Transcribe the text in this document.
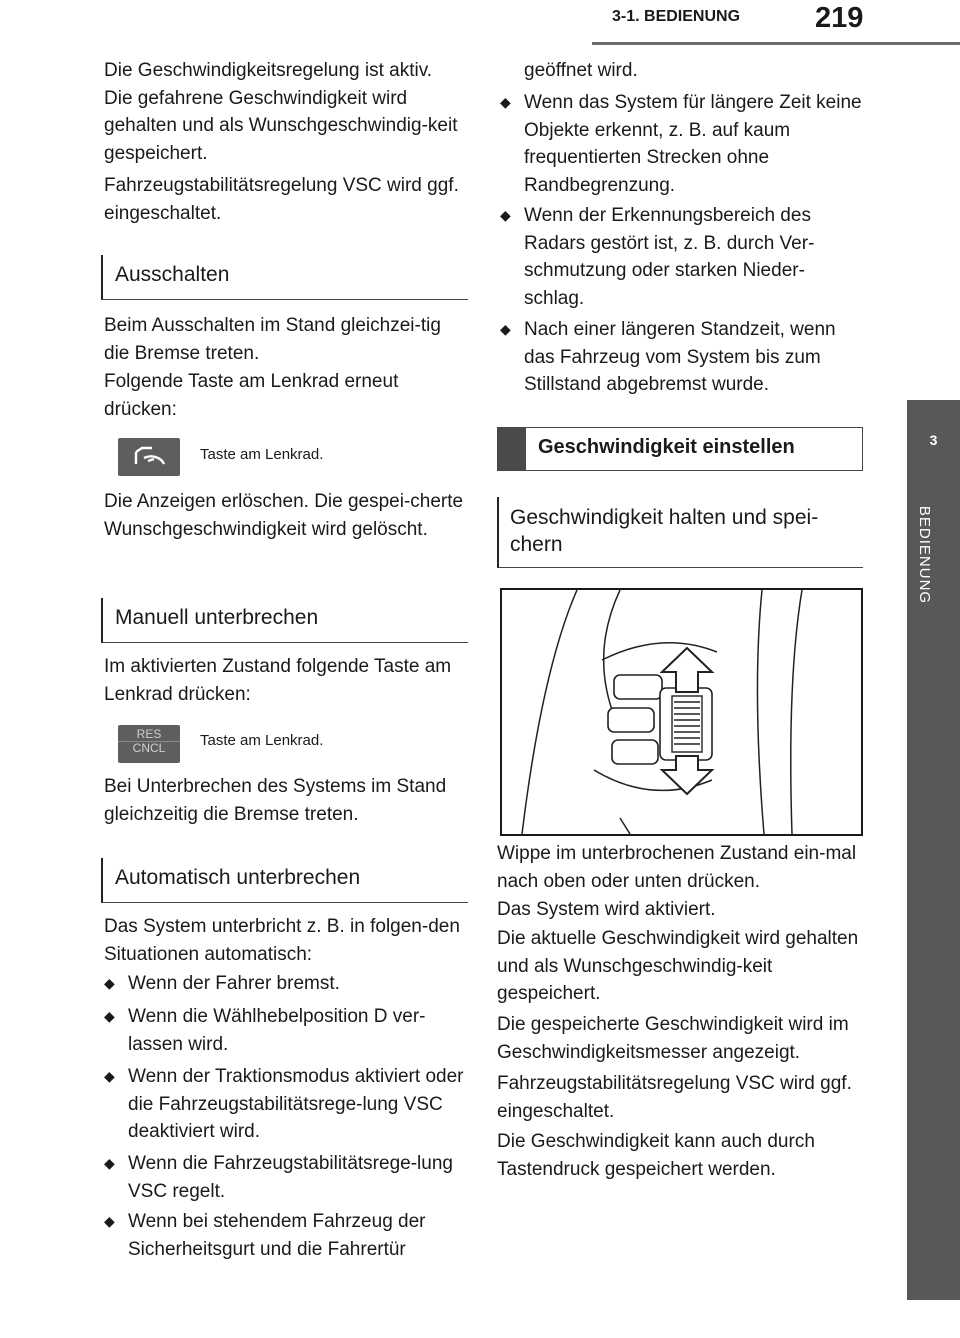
3-1. BEDIENUNG	219
3
BEDIENUNG
Die Geschwindigkeitsregelung ist aktiv. Die gefahrene Geschwindigkeit wird gehalten und als Wunschgeschwindig-keit gespeichert.
Fahrzeugstabilitätsregelung VSC wird ggf. eingeschaltet.
Ausschalten
Beim Ausschalten im Stand gleichzei-tig die Bremse treten.
Folgende Taste am Lenkrad erneut drücken:
Taste am Lenkrad.
Die Anzeigen erlöschen. Die gespei-cherte Wunschgeschwindigkeit wird gelöscht.
Manuell unterbrechen
Im aktivierten Zustand folgende Taste am Lenkrad drücken:
RES
CNCL	Taste am Lenkrad.
Bei Unterbrechen des Systems im Stand gleichzeitig die Bremse treten.
Automatisch unterbrechen
Das System unterbricht z. B. in folgen-den Situationen automatisch:
◆ Wenn der Fahrer bremst.
◆ Wenn die Wählhebelposition D ver-lassen wird.
◆ Wenn der Traktionsmodus aktiviert oder die Fahrzeugstabilitätsrege-lung VSC deaktiviert wird.
◆ Wenn die Fahrzeugstabilitätsrege-lung VSC regelt.
◆ Wenn bei stehendem Fahrzeug der Sicherheitsgurt und die Fahrertür
geöffnet wird.
◆ Wenn das System für längere Zeit keine Objekte erkennt, z. B. auf kaum frequentierten Strecken ohne Randbegrenzung.
◆ Wenn der Erkennungsbereich des Radars gestört ist, z. B. durch Ver-schmutzung oder starken Nieder-schlag.
◆ Nach einer längeren Standzeit, wenn das Fahrzeug vom System bis zum Stillstand abgebremst wurde.
Geschwindigkeit einstellen
Geschwindigkeit halten und spei-chern
Wippe im unterbrochenen Zustand ein-mal nach oben oder unten drücken.
Das System wird aktiviert.
Die aktuelle Geschwindigkeit wird gehalten und als Wunschgeschwindig-keit gespeichert.
Die gespeicherte Geschwindigkeit wird im Geschwindigkeitsmesser angezeigt.
Fahrzeugstabilitätsregelung VSC wird ggf. eingeschaltet.
Die Geschwindigkeit kann auch durch Tastendruck gespeichert werden.
